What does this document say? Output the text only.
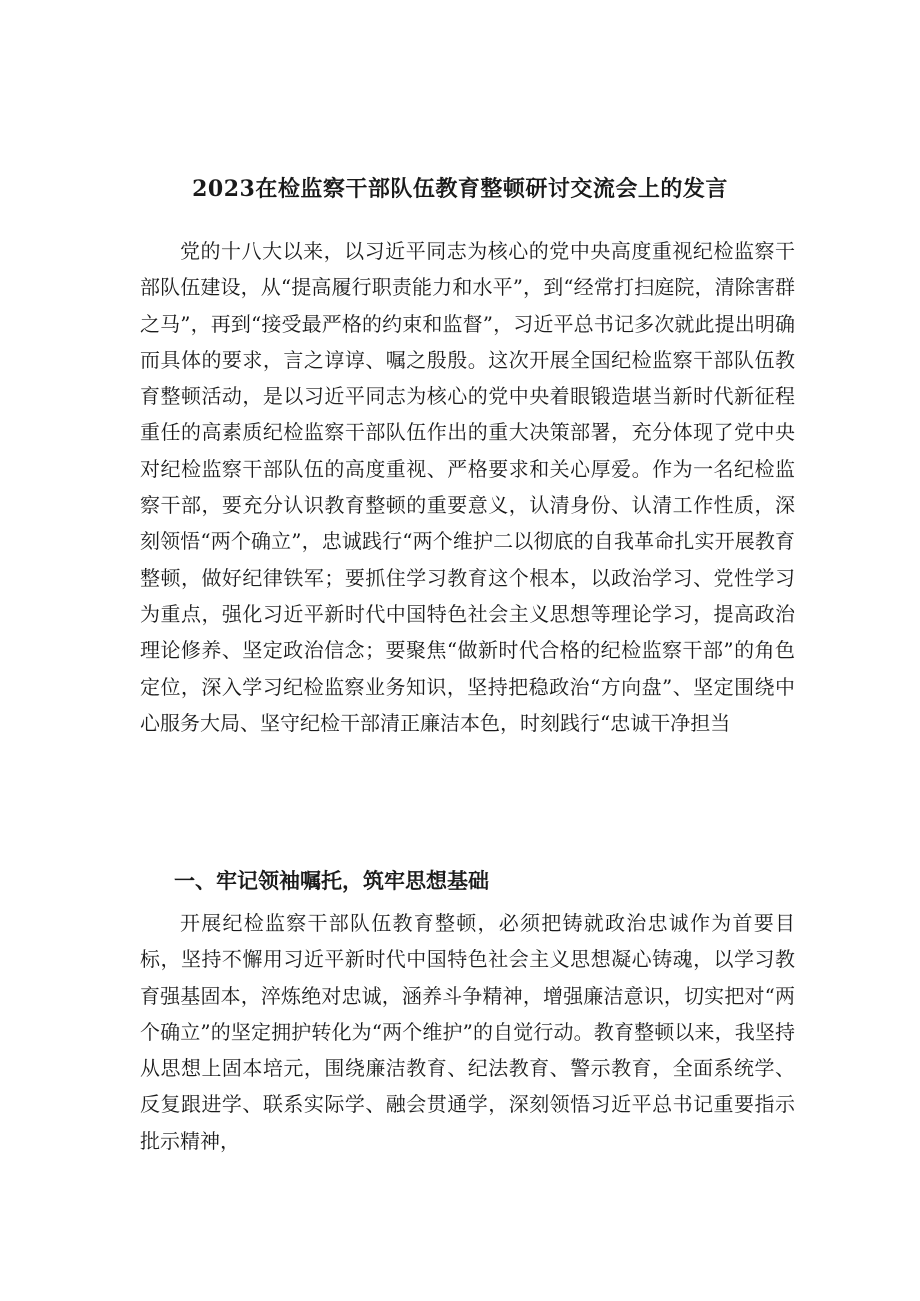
2023在检监察干部队伍教育整顿研讨交流会上的发言

党的十八大以来，以习近平同志为核心的党中央高度重视纪检监察干部队伍建设，从“提高履行职责能力和水平”，到“经常打扫庭院，清除害群之马”，再到“接受最严格的约束和监督”，习近平总书记多次就此提出明确而具体的要求，言之谆谆、嘱之殷殷。这次开展全国纪检监察干部队伍教育整顿活动，是以习近平同志为核心的党中央着眼锻造堪当新时代新征程重任的高素质纪检监察干部队伍作出的重大决策部署，充分体现了党中央对纪检监察干部队伍的高度重视、严格要求和关心厚爱。作为一名纪检监察干部，要充分认识教育整顿的重要意义，认清身份、认清工作性质，深刻领悟“两个确立”，忠诚践行“两个维护二以彻底的自我革命扎实开展教育整顿，做好纪律铁军；要抓住学习教育这个根本，以政治学习、党性学习为重点，强化习近平新时代中国特色社会主义思想等理论学习，提高政治理论修养、坚定政治信念；要聚焦“做新时代合格的纪检监察干部”的角色定位，深入学习纪检监察业务知识，坚持把稳政治“方向盘”、坚定围绕中心服务大局、坚守纪检干部清正廉洁本色，时刻践行“忠诚干净担当

一、牢记领袖嘱托，筑牢思想基础

开展纪检监察干部队伍教育整顿，必须把铸就政治忠诚作为首要目标，坚持不懈用习近平新时代中国特色社会主义思想凝心铸魂，以学习教育强基固本，淬炼绝对忠诚，涵养斗争精神，增强廉洁意识，切实把对“两个确立”的坚定拥护转化为“两个维护”的自觉行动。教育整顿以来，我坚持从思想上固本培元，围绕廉洁教育、纪法教育、警示教育，全面系统学、反复跟进学、联系实际学、融会贯通学，深刻领悟习近平总书记重要指示批示精神，
